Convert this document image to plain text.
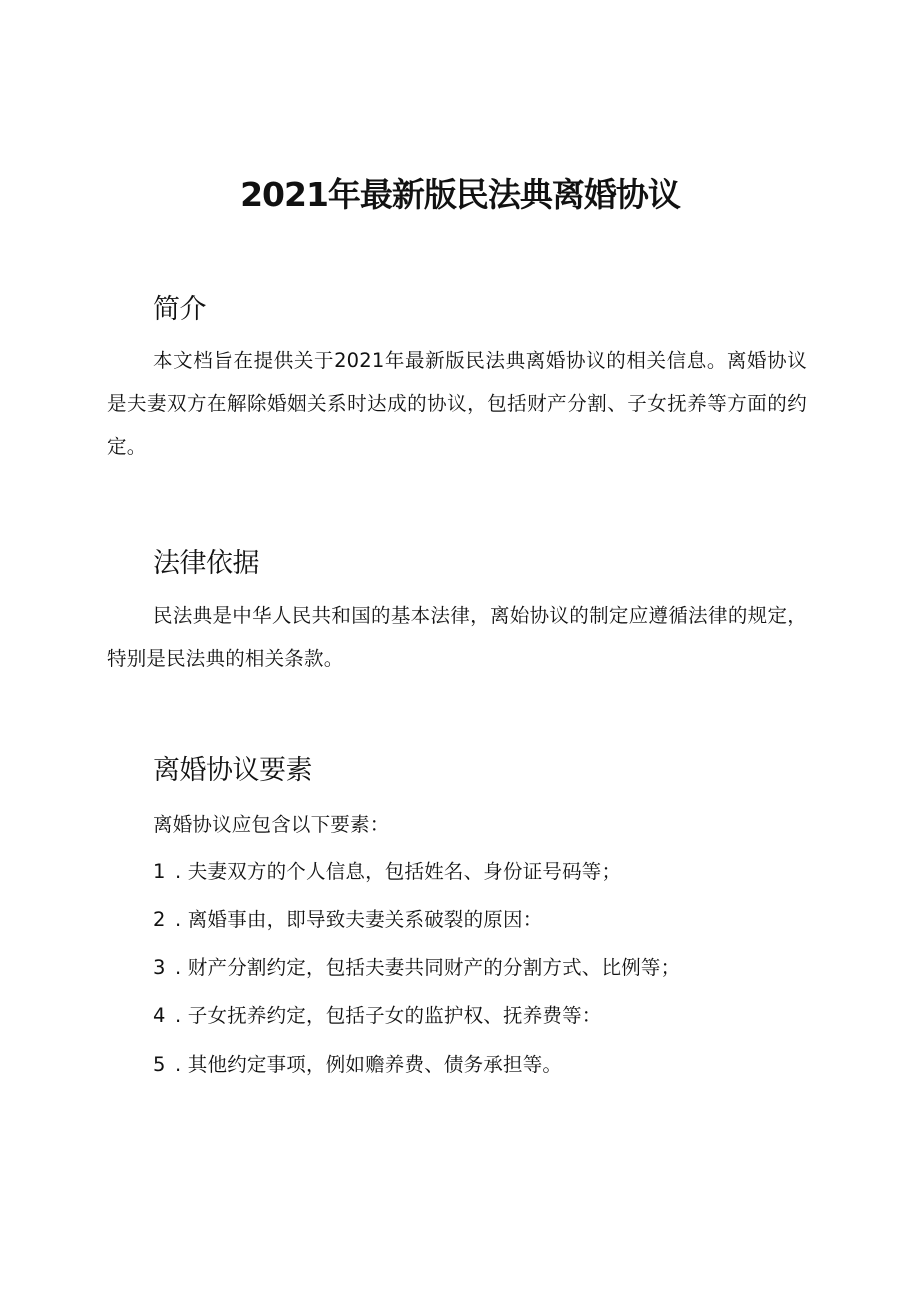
2021年最新版民法典离婚协议
简介

本文档旨在提供关于2021年最新版民法典离婚协议的相关信息。离婚协议是夫妻双方在解除婚姻关系时达成的协议，包括财产分割、子女抚养等方面的约定。

法律依据

民法典是中华人民共和国的基本法律，离始协议的制定应遵循法律的规定，特别是民法典的相关条款。

离婚协议要素

离婚协议应包含以下要素：

1 . 夫妻双方的个人信息，包括姓名、身份证号码等；

2 . 离婚事由，即导致夫妻关系破裂的原因：

3 . 财产分割约定，包括夫妻共同财产的分割方式、比例等；

4 . 子女抚养约定，包括子女的监护权、抚养费等：

5 . 其他约定事项，例如赡养费、债务承担等。
